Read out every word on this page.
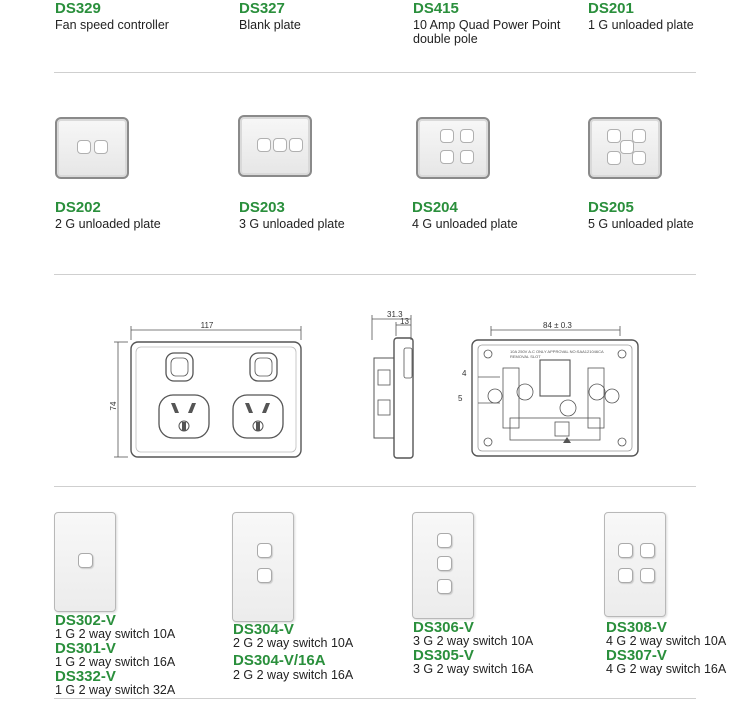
DS329
Fan speed controller
DS327
Blank plate
DS415
10 Amp Quad Power Point double pole
DS201
1 G unloaded plate
DS202
2 G unloaded plate
DS203
3 G unloaded plate
DS204
4 G unloaded plate
DS205
5 G unloaded plate
117
74
31.3
13	84 ± 0.3
4
5
10A 250V A.C ONLY APPROVAL NO:SAA121046CA
REMOVAL SLOT
DS302-V
1 G 2 way switch 10A
DS301-V
1 G 2 way switch 16A
DS332-V
1 G 2 way switch 32A
DS304-V
2 G 2 way switch 10A
DS304-V/16A
2 G 2 way switch 16A
DS306-V
3 G 2 way switch 10A
DS305-V
3 G 2 way switch 16A
DS308-V
4 G 2 way switch 10A
DS307-V
4 G 2 way switch 16A
